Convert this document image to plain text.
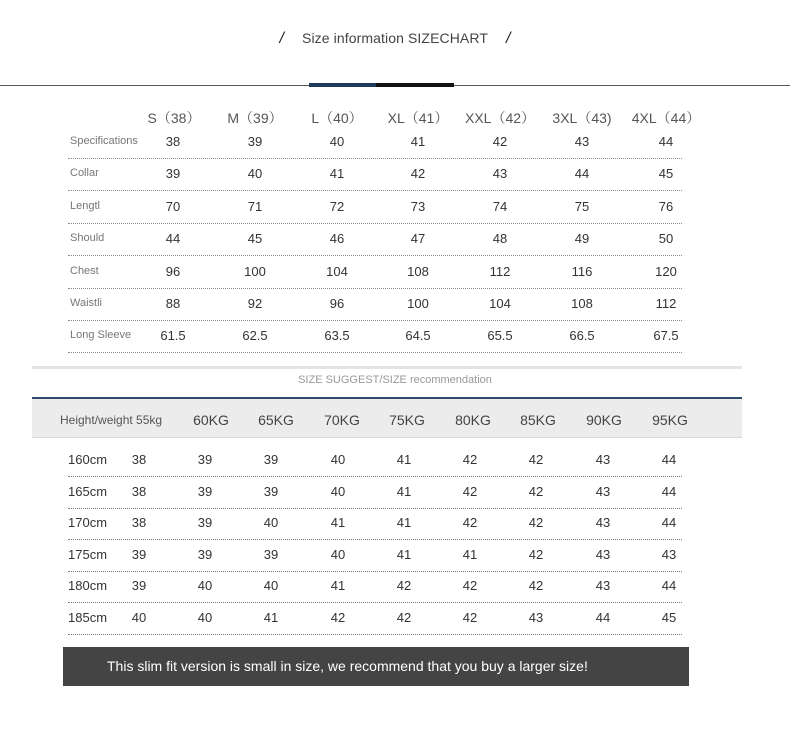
/ Size information SIZECHART /
S（38） M（39） L（40） XL（41） XXL（42） 3XL（43) 4XL（44）
Specifications 38	39	40	41	42	43	44
Collar	39	40	41	42	43	44	45
Lengtl	70	71	72	73	74	75	76
Should	44	45	46	47	48	49	50
Chest	96	100	104	108	112	116	120
Waistli	88	92	96	100	104	108	112
Long Sleeve 61.5	62.5	63.5	64.5	65.5	66.5	67.5
SIZE SUGGEST/SIZE recommendation
Height/weight 55kg 60KG 65KG 70KG 75KG 80KG 85KG 90KG 95KG
160cm 38	39	39	40	41	42	42	43	44
165cm 38	39	39	40	41	42	42	43	44
170cm 38	39	40	41	41	42	42	43	44
175cm 39	39	39	40	41	41	42	43	43
180cm 39	40	40	41	42	42	42	43	44
185cm 40	40	41	42	42	42	43	44	45
This slim fit version is small in size, we recommend that you buy a larger size!
